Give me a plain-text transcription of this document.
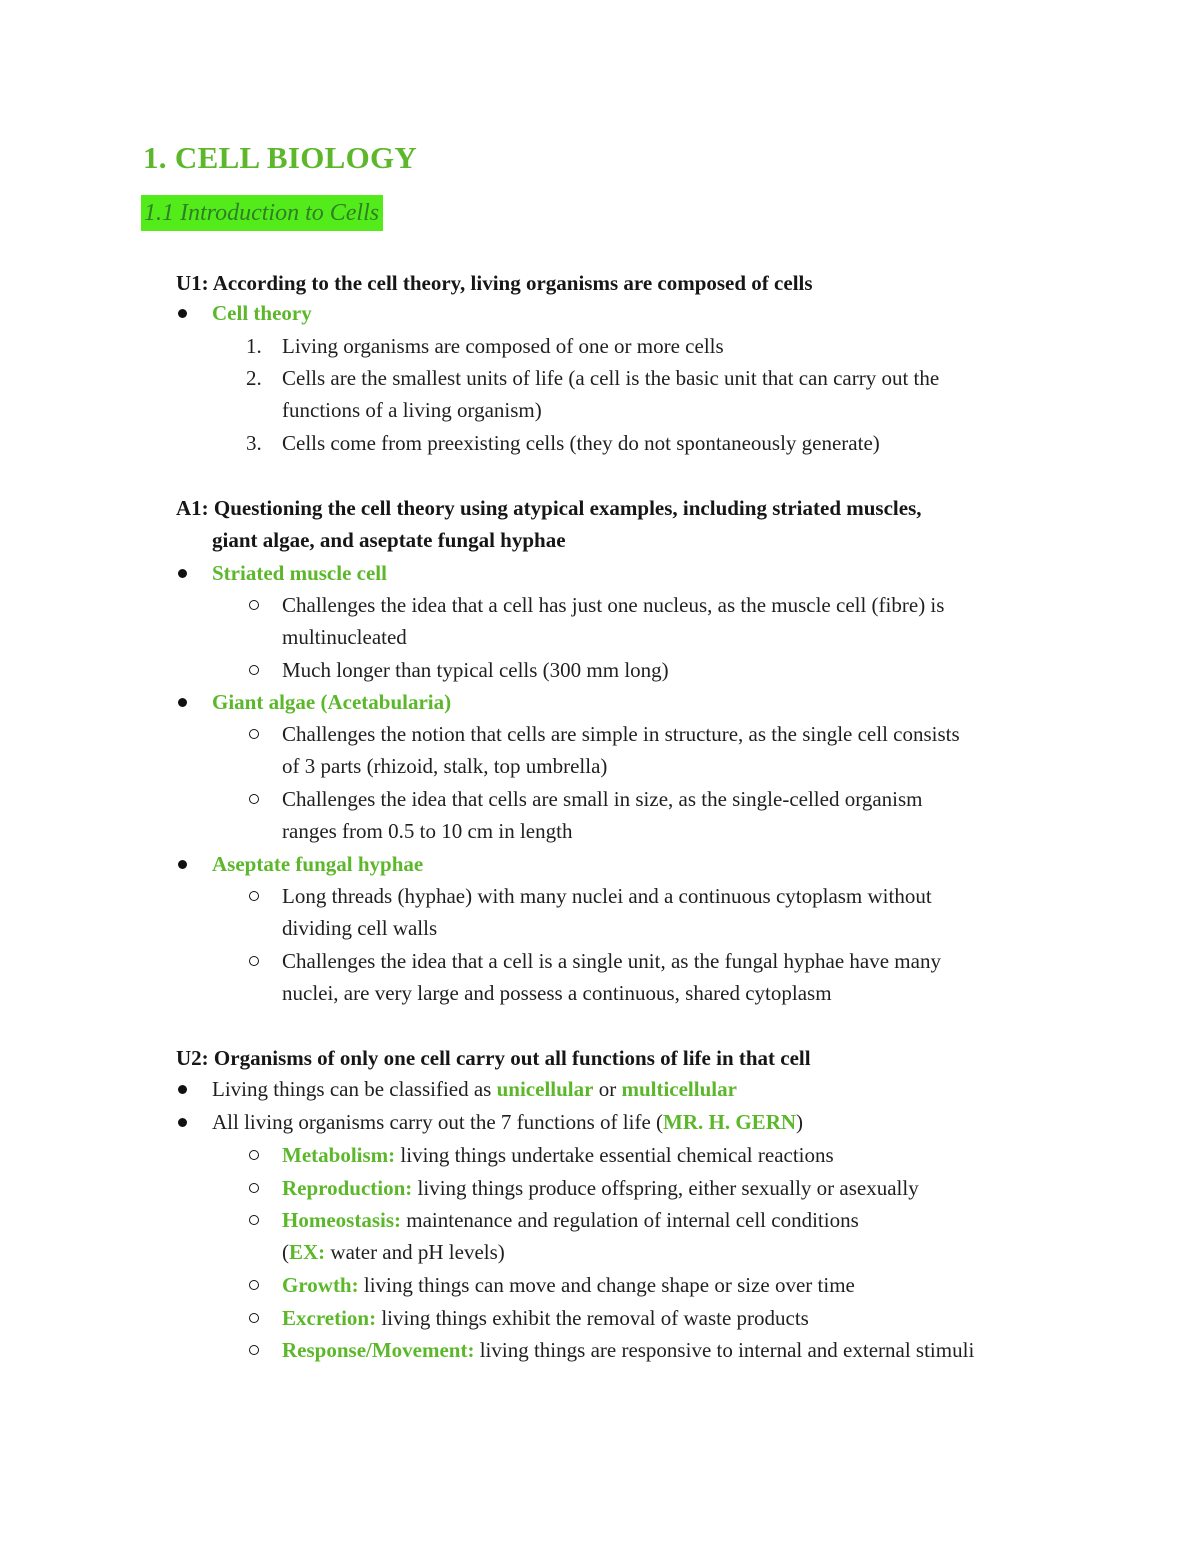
1. CELL BIOLOGY
1.1 Introduction to Cells
U1: According to the cell theory, living organisms are composed of cells
Cell theory
1. Living organisms are composed of one or more cells
2. Cells are the smallest units of life (a cell is the basic unit that can carry out the
functions of a living organism)
3. Cells come from preexisting cells (they do not spontaneously generate)
A1: Questioning the cell theory using atypical examples, including striated muscles,
giant algae, and aseptate fungal hyphae
Striated muscle cell
Challenges the idea that a cell has just one nucleus, as the muscle cell (fibre) is
multinucleated
Much longer than typical cells (300 mm long)
Giant algae (Acetabularia)
Challenges the notion that cells are simple in structure, as the single cell consists
of 3 parts (rhizoid, stalk, top umbrella)
Challenges the idea that cells are small in size, as the single-celled organism
ranges from 0.5 to 10 cm in length
Aseptate fungal hyphae
Long threads (hyphae) with many nuclei and a continuous cytoplasm without
dividing cell walls
Challenges the idea that a cell is a single unit, as the fungal hyphae have many
nuclei, are very large and possess a continuous, shared cytoplasm
U2: Organisms of only one cell carry out all functions of life in that cell
Living things can be classified as unicellular or multicellular
All living organisms carry out the 7 functions of life (MR. H. GERN)
Metabolism: living things undertake essential chemical reactions
Reproduction: living things produce offspring, either sexually or asexually
Homeostasis: maintenance and regulation of internal cell conditions
(EX: water and pH levels)
Growth: living things can move and change shape or size over time
Excretion: living things exhibit the removal of waste products
Response/Movement: living things are responsive to internal and external stimuli
